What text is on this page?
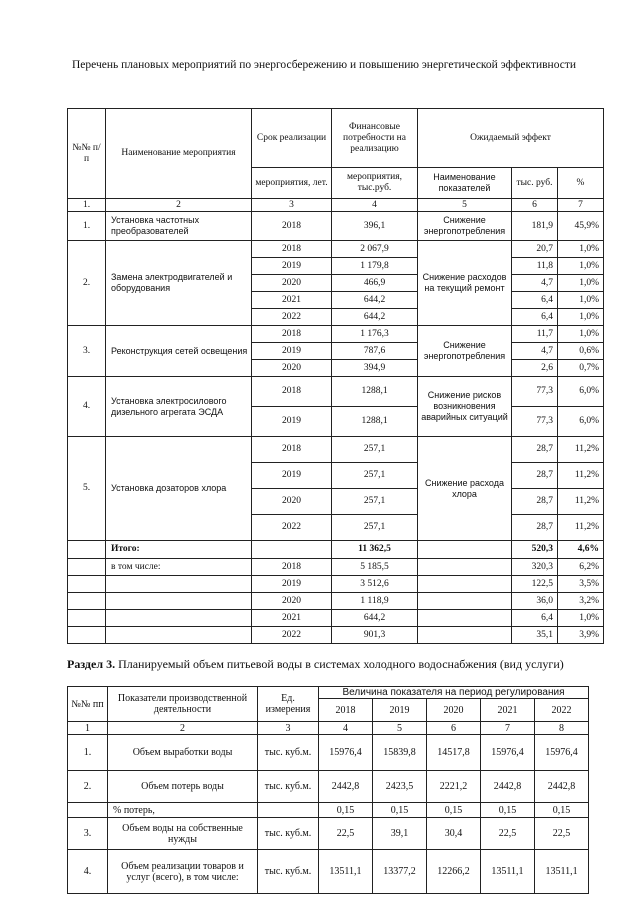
Перечень плановых мероприятий по энергосбережению и повышению энергетической эффективности
№№ п/п	Наименование мероприятия	Срок реализации	Финансовые потребности на реализацию	Ожидаемый эффект		
		мероприятия, лет.	мероприятия, тыс.руб.	Наименование показателей	тыс. руб.	%
1.	2	3	4	5	6	7
1.	Установка частотных преобразователей	2018	396,1	Снижение энергопотребления	181,9	45,9%
2.	Замена электродвигателей и оборудования	2018	2 067,9	Снижение расходов на текущий ремонт	20,7	1,0%
		2019	1 179,8		11,8	1,0%
		2020	466,9		4,7	1,0%
		2021	644,2		6,4	1,0%
		2022	644,2		6,4	1,0%
3.	Реконструкция сетей освещения	2018	1 176,3	Снижение энергопотребления	11,7	1,0%
		2019	787,6		4,7	0,6%
		2020	394,9		2,6	0,7%
4.	Установка электросилового дизельного агрегата ЭСДА	2018	1288,1	Снижение рисков возникновения аварийных ситуаций	77,3	6,0%
		2019	1288,1		77,3	6,0%
5.	Установка дозаторов хлора	2018	257,1	Снижение расхода хлора	28,7	11,2%
		2019	257,1		28,7	11,2%
		2020	257,1		28,7	11,2%
		2022	257,1		28,7	11,2%
	Итого:		11 362,5		520,3	4,6%
	в том числе:	2018	5 185,5		320,3	6,2%
		2019	3 512,6		122,5	3,5%
		2020	1 118,9		36,0	3,2%
		2021	644,2		6,4	1,0%
		2022	901,3		35,1	3,9%
Раздел 3. Планируемый объем питьевой воды в системах холодного водоснабжения (вид услуги)
№№ пп	Показатели производственной деятельности	Ед. измерения	Величина показателя на период регулирования				
			2018	2019	2020	2021	2022
1	2	3	4	5	6	7	8
1.	Объем выработки воды	тыс. куб.м.	15976,4	15839,8	14517,8	15976,4	15976,4
2.	Объем потерь воды	тыс. куб.м.	2442,8	2423,5	2221,2	2442,8	2442,8
	% потерь,		0,15	0,15	0,15	0,15	0,15
3.	Объем воды на собственные нужды	тыс. куб.м.	22,5	39,1	30,4	22,5	22,5
4.	Объем реализации товаров и услуг (всего), в том числе:	тыс. куб.м.	13511,1	13377,2	12266,2	13511,1	13511,1
